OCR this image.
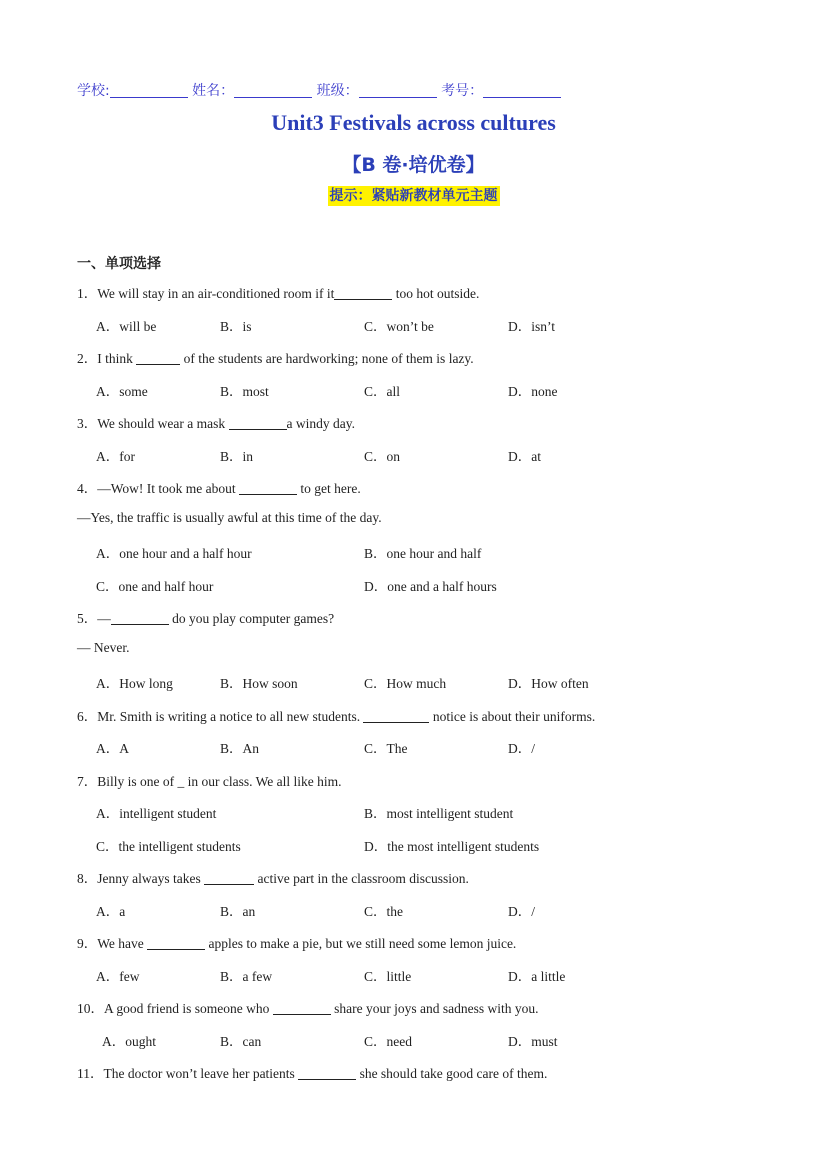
学校:	姓名：	班级：	考号：
Unit3 Festivals across cultures
【B 卷·培优卷】
提示：紧贴新教材单元主题
一、单项选择
1．We will stay in an air-conditioned room if it	too hot outside.
A．will be	B．is	C．won’t be	D．isn’t
2．I think	of the students are hardworking; none of them is lazy.
A．some	B．most	C．all	D．none
3．We should wear a mask	a windy day.
A．for	B．in	C．on	D．at
4．—Wow! It took me about	to get here.
—Yes, the traffic is usually awful at this time of the day.
A．one hour and a half hour	B．one hour and half
C．one and half hour	D．one and a half hours
5．—	do you play computer games?
— Never.
A．How long	B．How soon	C．How much	D．How often
6．Mr. Smith is writing a notice to all new students.	notice is about their uniforms.
A．A	B．An	C．The	D．/
7．Billy is one of _ in our class. We all like him.
A．intelligent student	B．most intelligent student
C．the intelligent students	D．the most intelligent students
8．Jenny always takes	active part in the classroom discussion.
A．a	B．an	C．the	D．/
9．We have	apples to make a pie, but we still need some lemon juice.
A．few	B．a few	C．little	D．a little
10．A good friend is someone who	share your joys and sadness with you.
A．ought	B．can	C．need	D．must
11．The doctor won’t leave her patients	she should take good care of them.
